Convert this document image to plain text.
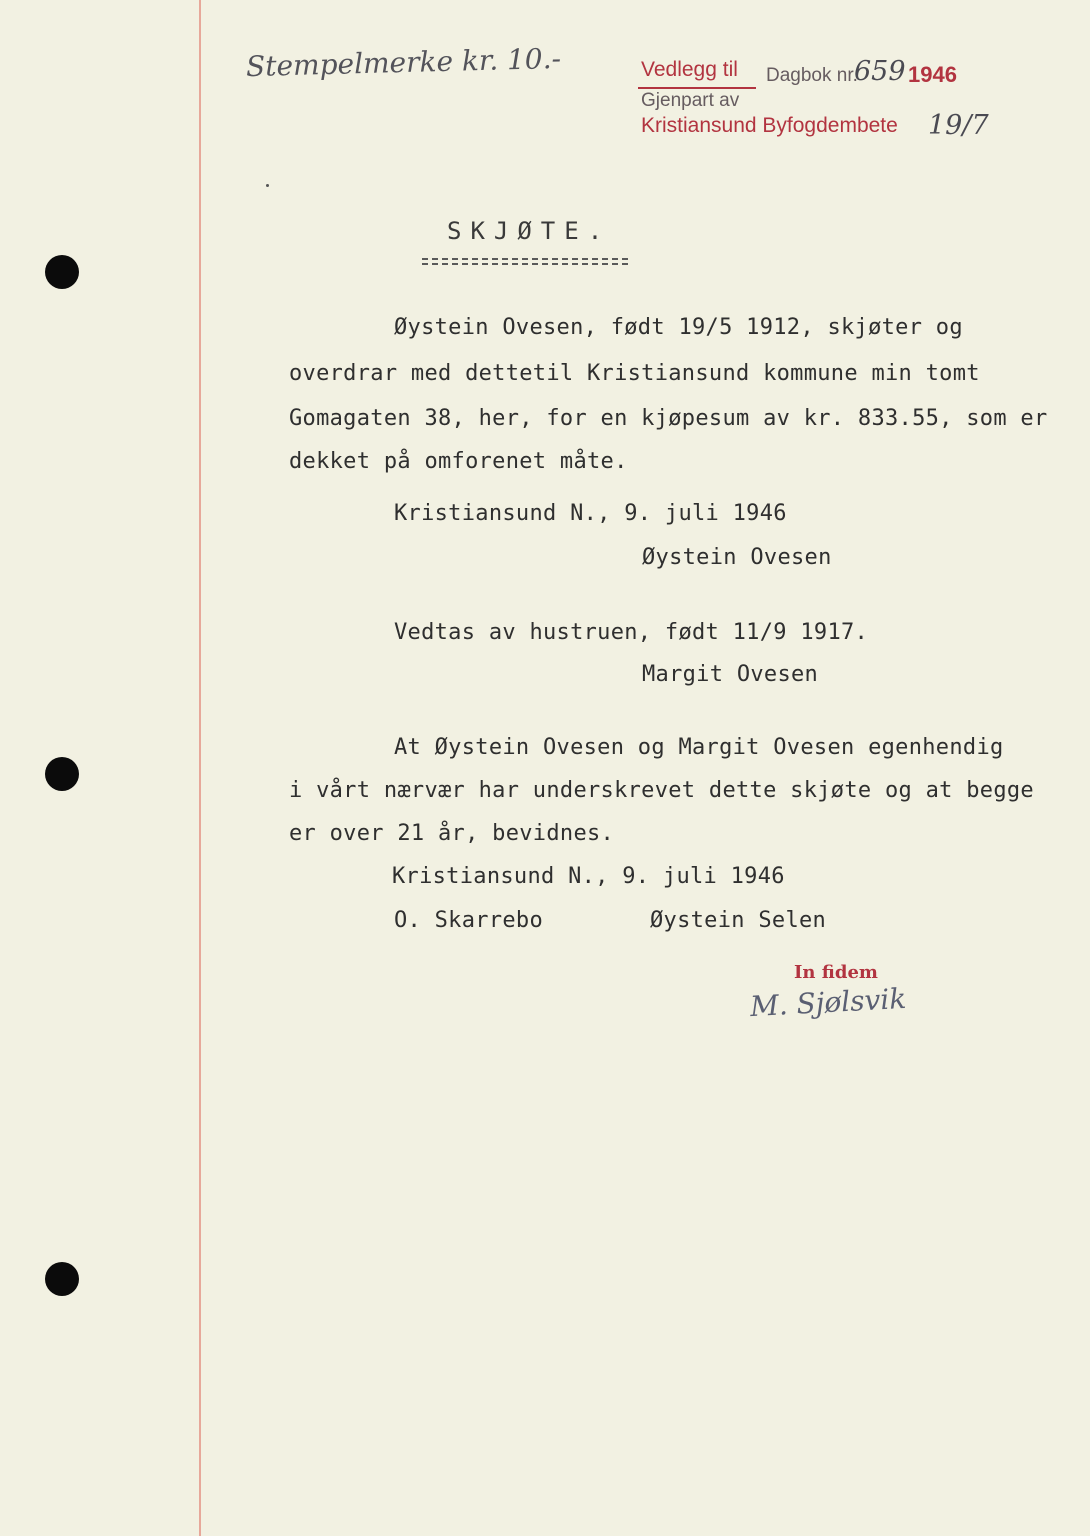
Stempelmerke kr. 10.-	Vedlegg til Dagbok nr.
659 1946
Gjenpart av
Kristiansund Byfogdembete 19/7
SKJØTE.
Øystein Ovesen, født 19/5 1912, skjøter og
overdrar med dettetil Kristiansund kommune min tomt
Gomagaten 38, her, for en kjøpesum av kr. 833.55, som er
dekket på omforenet måte.
Kristiansund N., 9. juli 1946
Øystein Ovesen
Vedtas av hustruen, født 11/9 1917.
Margit Ovesen
At Øystein Ovesen og Margit Ovesen egenhendig
i vårt nærvær har underskrevet dette skjøte og at begge
er over 21 år, bevidnes.
Kristiansund N., 9. juli 1946
O. Skarrebo	Øystein Selen
In fidem
M. Sjølsvik
